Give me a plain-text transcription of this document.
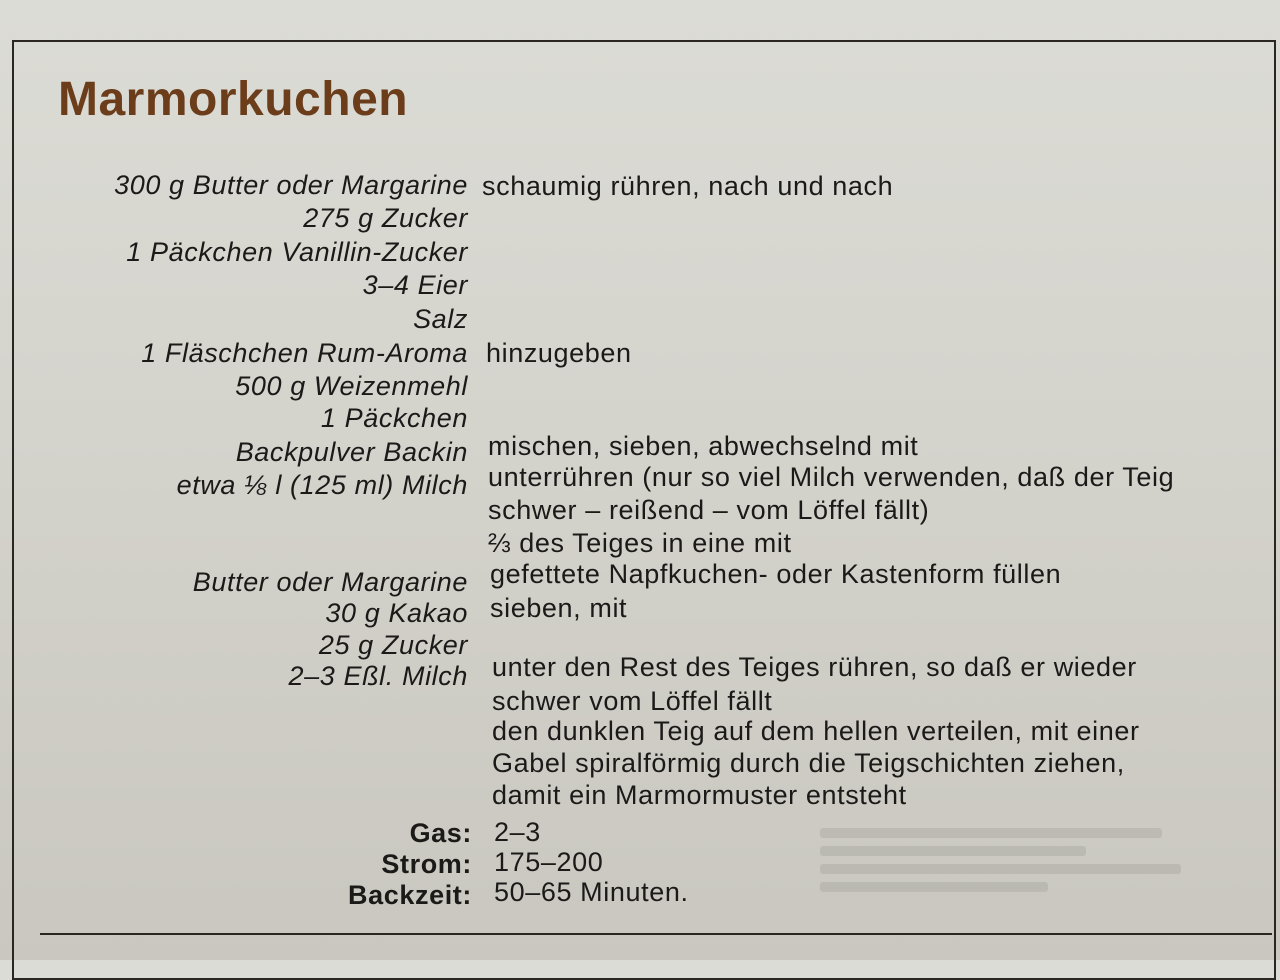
Marmorkuchen
300 g Butter oder Margarine
275 g Zucker
1 Päckchen Vanillin-Zucker
3–4 Eier
Salz
1 Fläschchen Rum-Aroma
500 g Weizenmehl
1 Päckchen
Backpulver Backin
etwa ⅛ l (125 ml) Milch
Butter oder Margarine
30 g Kakao
25 g Zucker
2–3 Eßl. Milch
schaumig rühren, nach und nach
hinzugeben
mischen, sieben, abwechselnd mit
unterrühren (nur so viel Milch verwenden, daß der Teig
schwer – reißend – vom Löffel fällt)
⅔ des Teiges in eine mit
gefettete Napfkuchen- oder Kastenform füllen
sieben, mit
unter den Rest des Teiges rühren, so daß er wieder
schwer vom Löffel fällt
den dunklen Teig auf dem hellen verteilen, mit einer
Gabel spiralförmig durch die Teigschichten ziehen,
damit ein Marmormuster entsteht
Gas: 2–3
Strom: 175–200
Backzeit: 50–65 Minuten.
